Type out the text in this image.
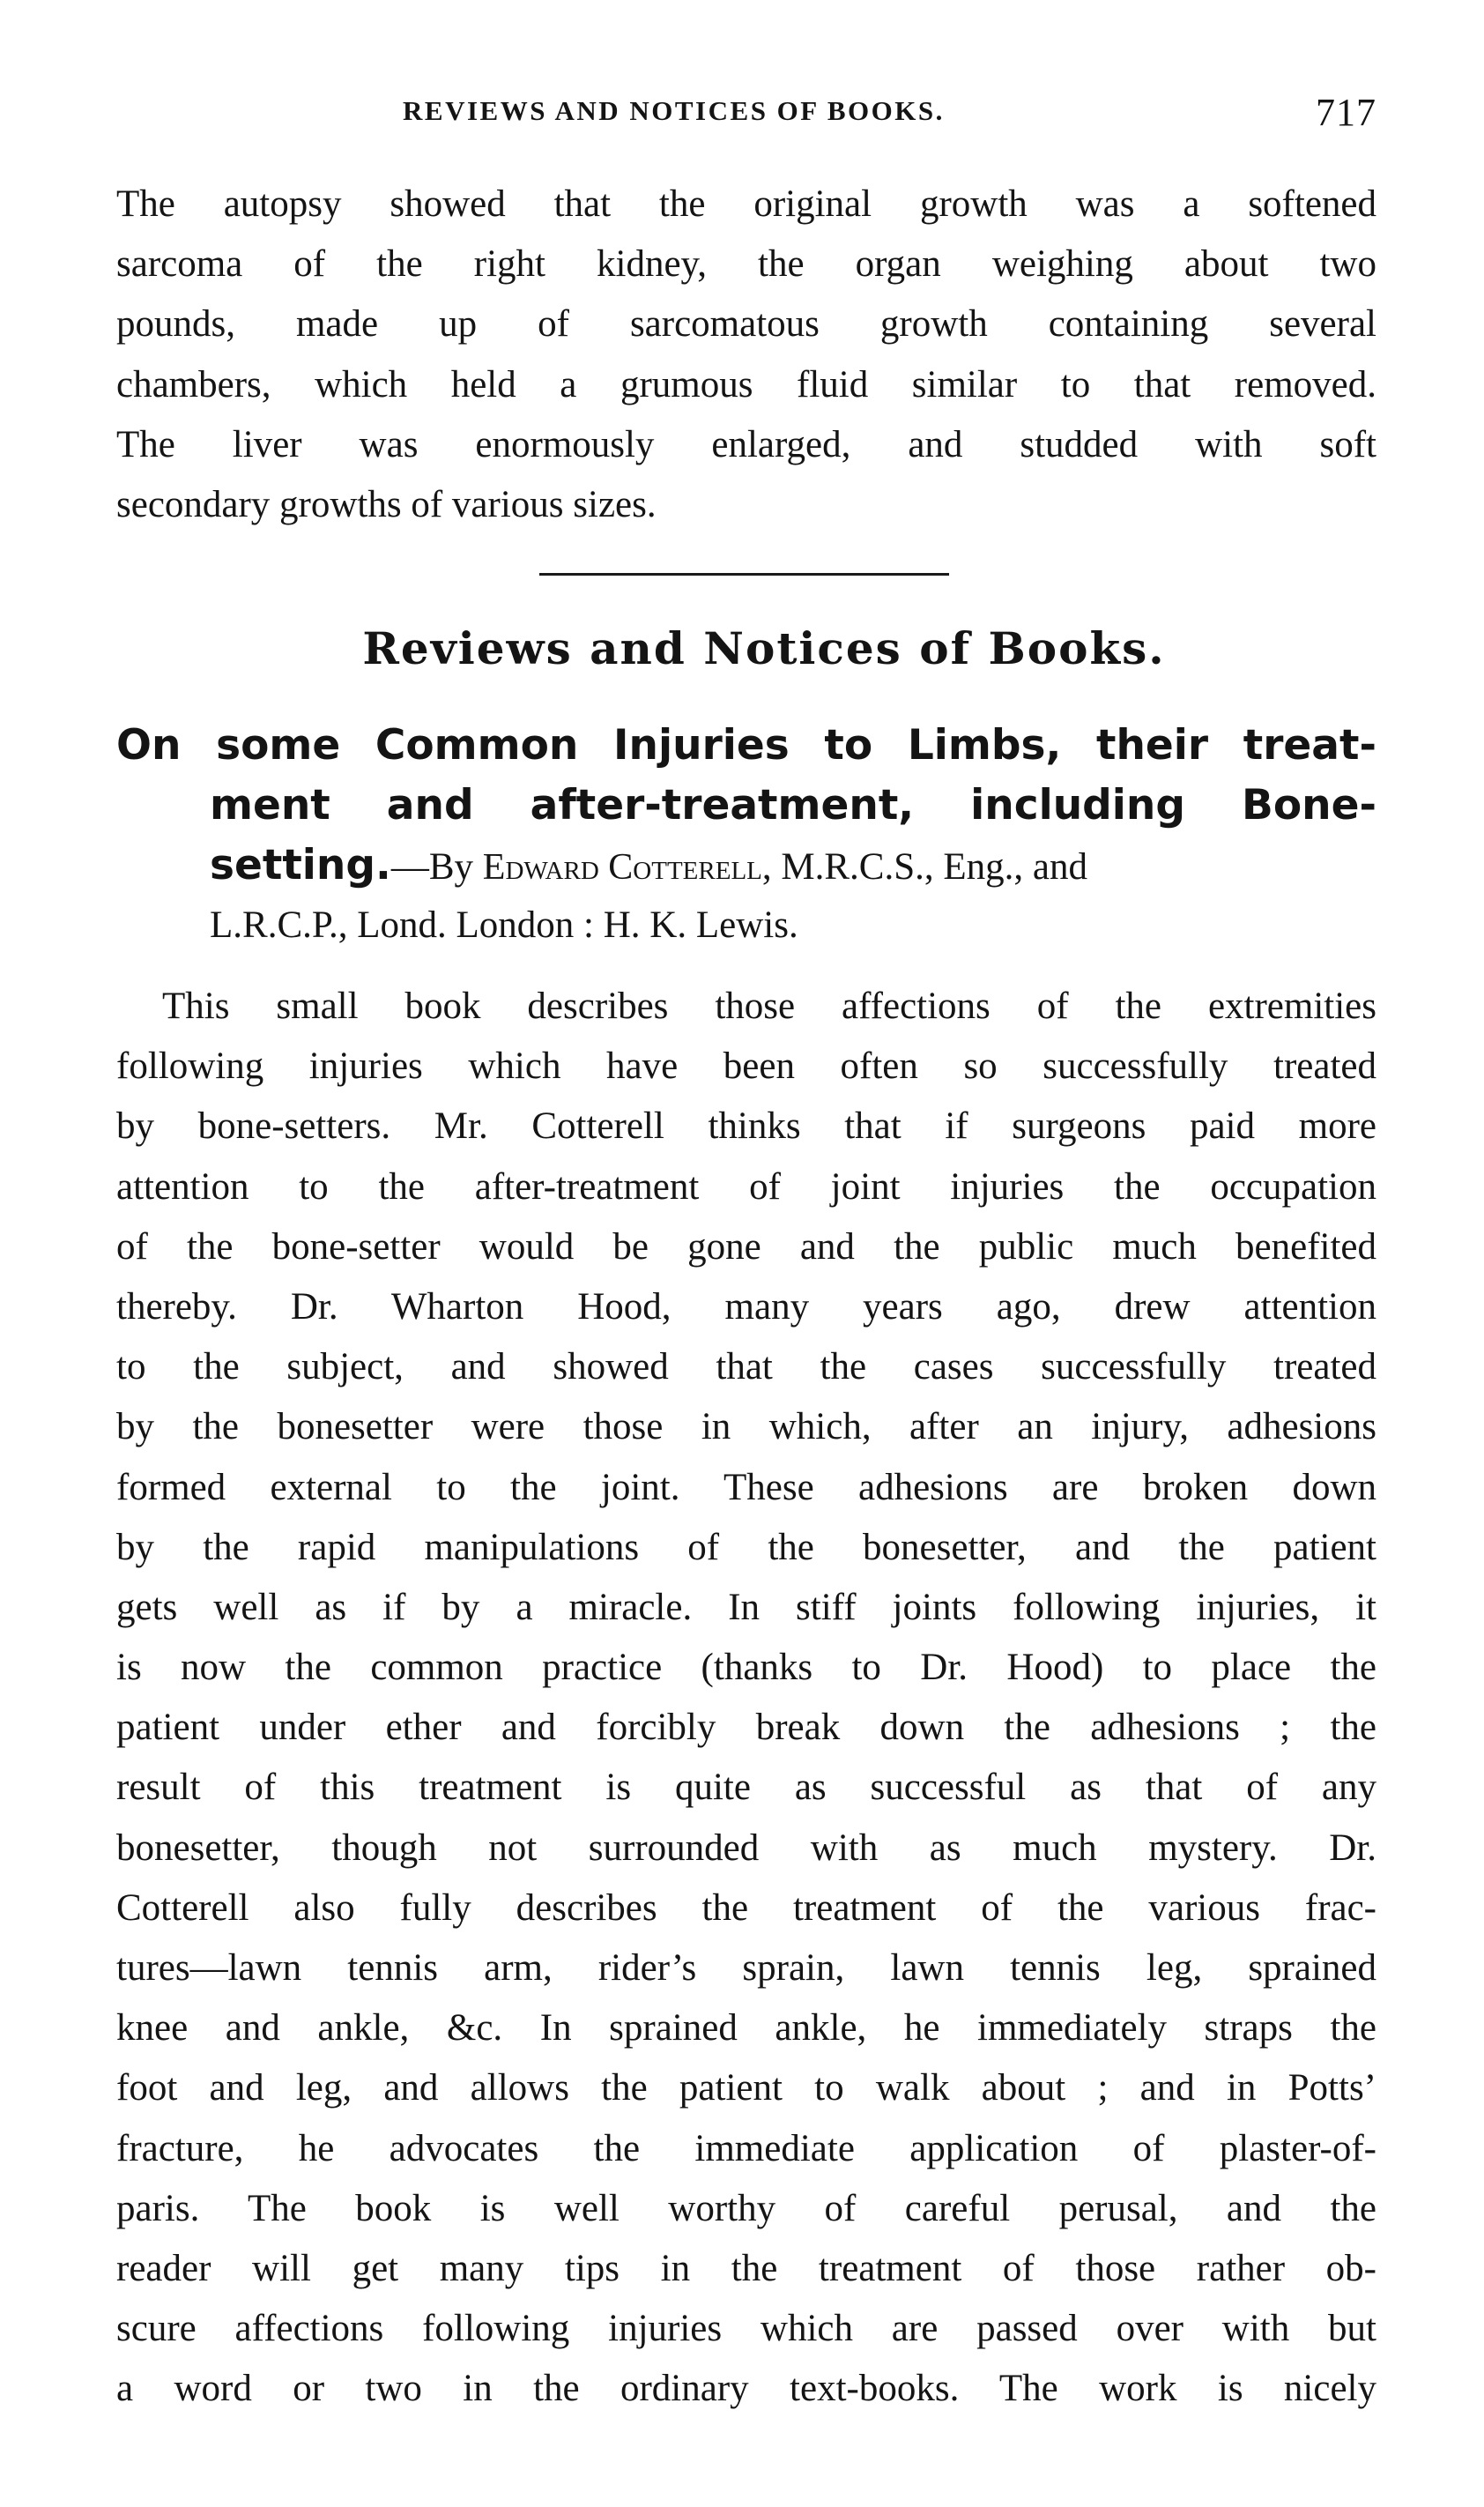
REVIEWS AND NOTICES OF BOOKS.	717
The autopsy showed that the original growth was a softened
sarcoma of the right kidney, the organ weighing about two
pounds, made up of sarcomatous growth containing several
chambers, which held a grumous fluid similar to that removed.
The liver was enormously enlarged, and studded with soft
secondary growths of various sizes.
Reviews and Notices of Books.
On some Common Injuries to Limbs, their treat-
ment and after-treatment, including Bone-
setting.—By Edward Cotterell, M.R.C.S., Eng., and
L.R.C.P., Lond. London : H. K. Lewis.
This small book describes those affections of the extremities
following injuries which have been often so successfully treated
by bone-setters. Mr. Cotterell thinks that if surgeons paid more
attention to the after-treatment of joint injuries the occupation
of the bone-setter would be gone and the public much benefited
thereby. Dr. Wharton Hood, many years ago, drew attention
to the subject, and showed that the cases successfully treated
by the bonesetter were those in which, after an injury, adhesions
formed external to the joint. These adhesions are broken down
by the rapid manipulations of the bonesetter, and the patient
gets well as if by a miracle. In stiff joints following injuries, it
is now the common practice (thanks to Dr. Hood) to place the
patient under ether and forcibly break down the adhesions ; the
result of this treatment is quite as successful as that of any
bonesetter, though not surrounded with as much mystery. Dr.
Cotterell also fully describes the treatment of the various frac-
tures—lawn tennis arm, rider’s sprain, lawn tennis leg, sprained
knee and ankle, &c. In sprained ankle, he immediately straps the
foot and leg, and allows the patient to walk about ; and in Potts’
fracture, he advocates the immediate application of plaster-of-
paris. The book is well worthy of careful perusal, and the
reader will get many tips in the treatment of those rather ob-
scure affections following injuries which are passed over with but
a word or two in the ordinary text-books. The work is nicely
